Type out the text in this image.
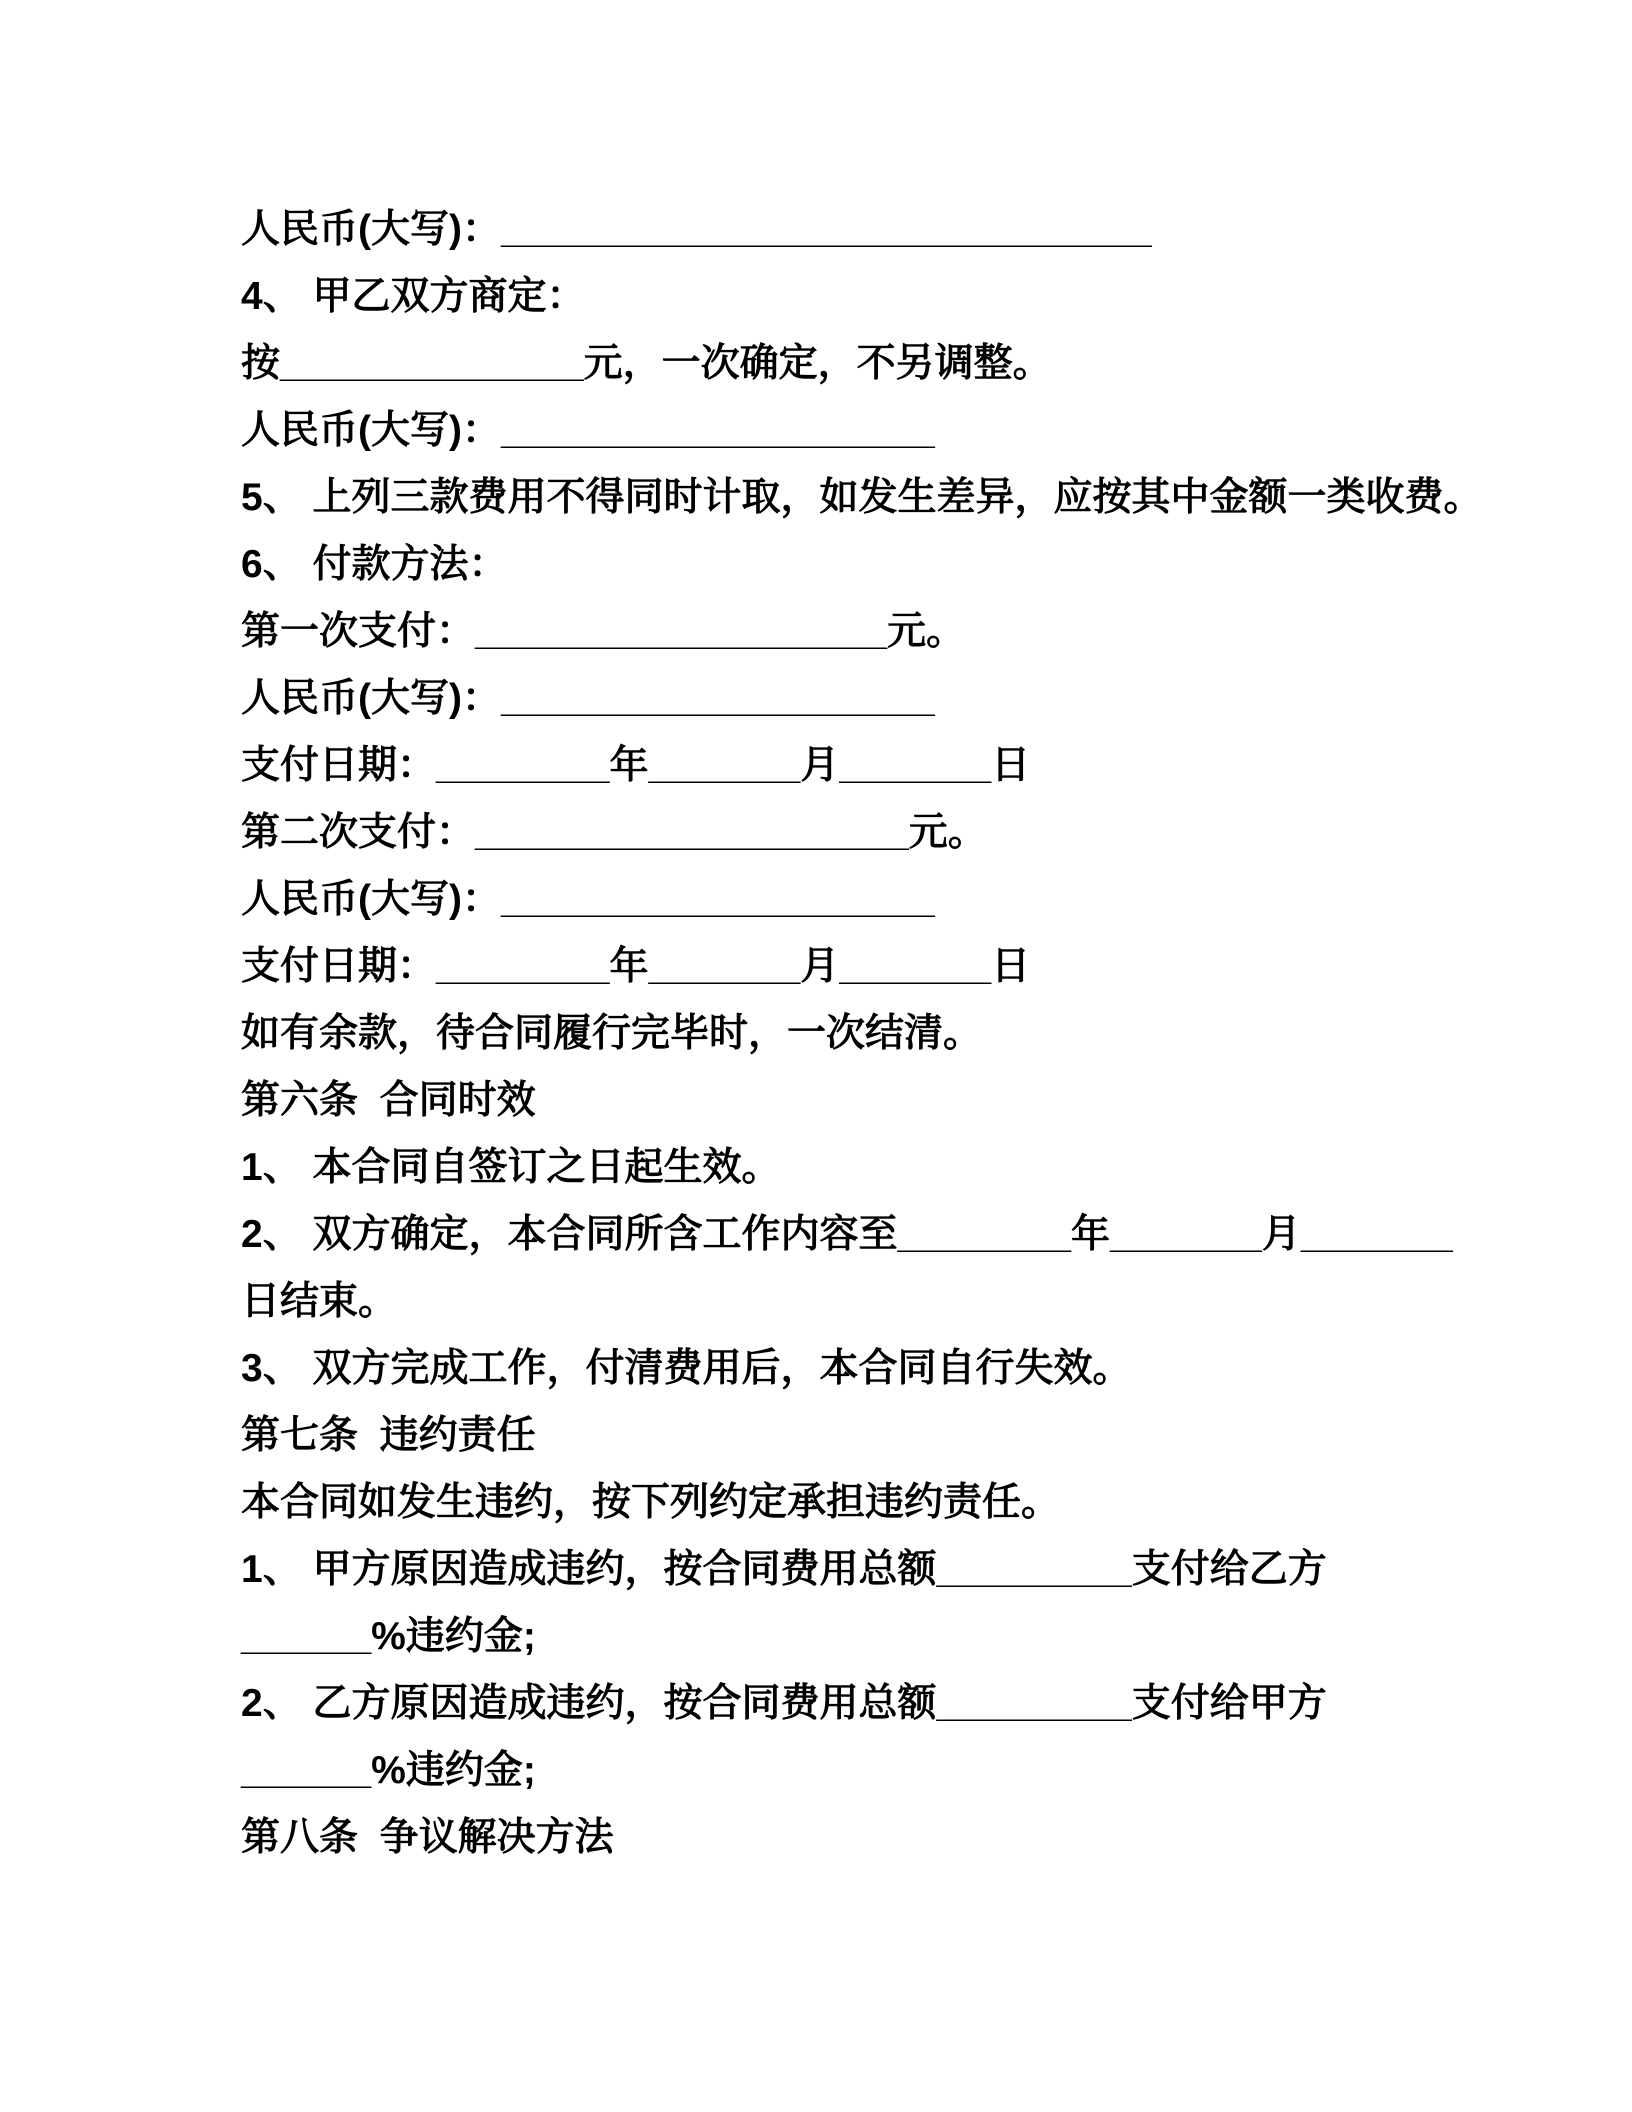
人民币(大写)：______________________________

4、 甲乙双方商定：

按______________元，一次确定，不另调整。

人民币(大写)：____________________

5、 上列三款费用不得同时计取，如发生差异，应按其中金额一类收费。

6、 付款方法：

第一次支付：___________________元。

人民币(大写)：____________________

支付日期：________年_______月_______日

第二次支付：____________________元。

人民币(大写)：____________________

支付日期：________年_______月_______日

如有余款，待合同履行完毕时，一次结清。

第六条  合同时效

1、 本合同自签订之日起生效。

2、 双方确定，本合同所含工作内容至________年_______月_______

日结束。

3、 双方完成工作，付清费用后，本合同自行失效。

第七条  违约责任

本合同如发生违约，按下列约定承担违约责任。

1、 甲方原因造成违约，按合同费用总额_________支付给乙方

______%违约金;

2、 乙方原因造成违约，按合同费用总额_________支付给甲方

______%违约金;

第八条  争议解决方法
